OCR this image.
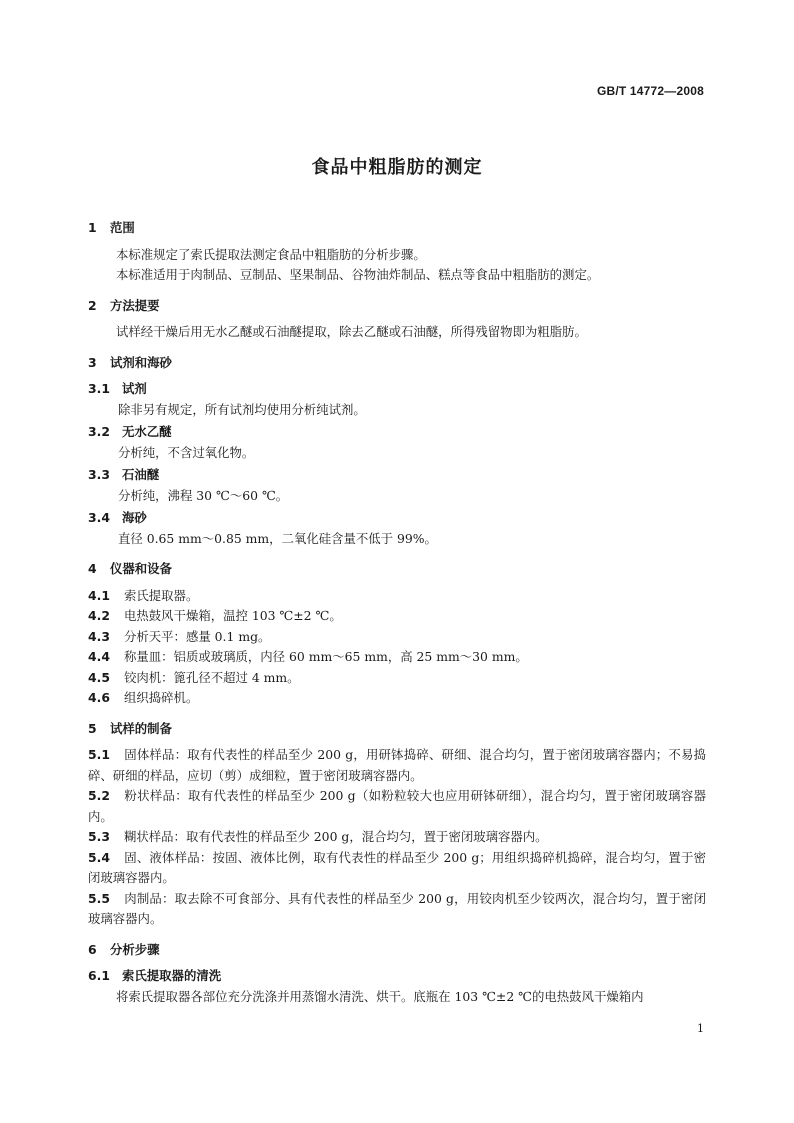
GB/T 14772—2008
食品中粗脂肪的测定
1 范围
本标准规定了索氏提取法测定食品中粗脂肪的分析步骤。
本标准适用于肉制品、豆制品、坚果制品、谷物油炸制品、糕点等食品中粗脂肪的测定。
2 方法提要
试样经干燥后用无水乙醚或石油醚提取，除去乙醚或石油醚，所得残留物即为粗脂肪。
3 试剂和海砂
3.1 试剂
除非另有规定，所有试剂均使用分析纯试剂。
3.2 无水乙醚
分析纯，不含过氧化物。
3.3 石油醚
分析纯，沸程 30 ℃～60 ℃。
3.4 海砂
直径 0.65 mm～0.85 mm，二氧化硅含量不低于 99%。
4 仪器和设备
4.1 索氏提取器。
4.2 电热鼓风干燥箱，温控 103 ℃±2 ℃。
4.3 分析天平：感量 0.1 mg。
4.4 称量皿：铝质或玻璃质，内径 60 mm～65 mm，高 25 mm～30 mm。
4.5 铰肉机：篦孔径不超过 4 mm。
4.6 组织捣碎机。
5 试样的制备
5.1 固体样品：取有代表性的样品至少 200 g，用研钵捣碎、研细、混合均匀，置于密闭玻璃容器内；不易捣碎、研细的样品，应切（剪）成细粒，置于密闭玻璃容器内。
5.2 粉状样品：取有代表性的样品至少 200 g（如粉粒较大也应用研钵研细），混合均匀，置于密闭玻璃容器内。
5.3 糊状样品：取有代表性的样品至少 200 g，混合均匀，置于密闭玻璃容器内。
5.4 固、液体样品：按固、液体比例，取有代表性的样品至少 200 g；用组织捣碎机捣碎，混合均匀，置于密闭玻璃容器内。
5.5 肉制品：取去除不可食部分、具有代表性的样品至少 200 g，用铰肉机至少铰两次，混合均匀，置于密闭玻璃容器内。
6 分析步骤
6.1 索氏提取器的清洗
将索氏提取器各部位充分洗涤并用蒸馏水清洗、烘干。底瓶在 103 ℃±2 ℃的电热鼓风干燥箱内
1
